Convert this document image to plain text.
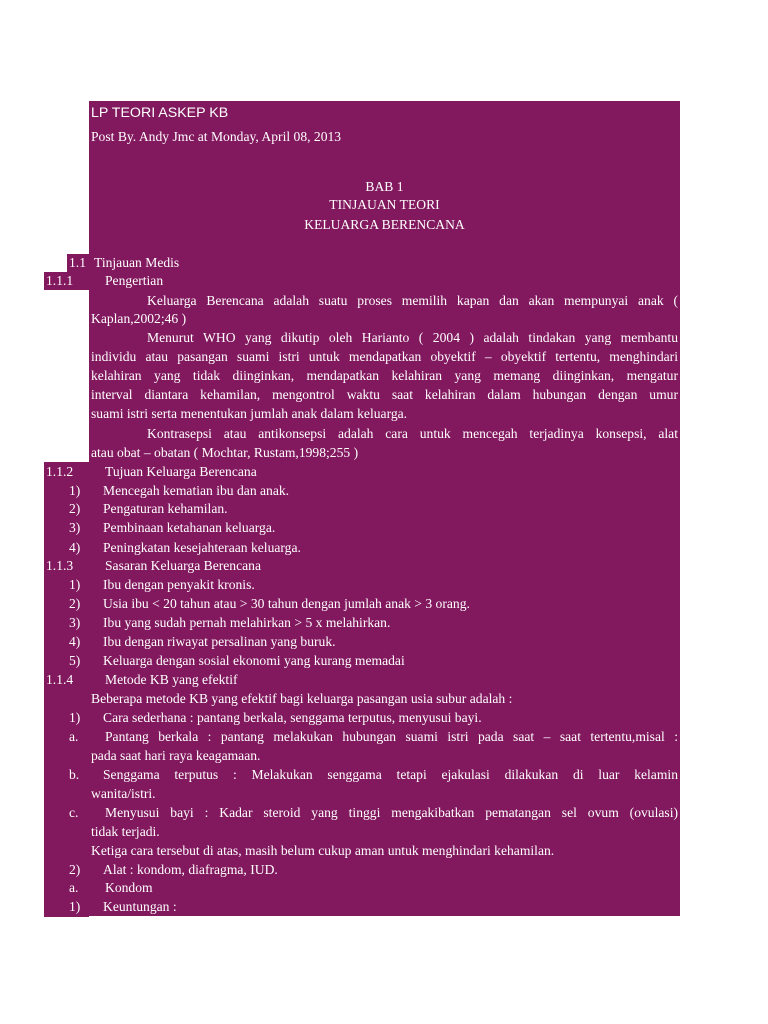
LP TEORI ASKEP KB
Post By. Andy Jmc at Monday, April 08, 2013
BAB 1
TINJAUAN TEORI
KELUARGA BERENCANA
1.1 Tinjauan Medis
1.1.1 Pengertian
Keluarga Berencana adalah suatu proses memilih kapan dan akan mempunyai anak (
Kaplan,2002;46 )
Menurut WHO yang dikutip oleh Harianto ( 2004 ) adalah tindakan yang membantu
individu atau pasangan suami istri untuk mendapatkan obyektif – obyektif tertentu, menghindari
kelahiran yang tidak diinginkan, mendapatkan kelahiran yang memang diinginkan, mengatur
interval diantara kehamilan, mengontrol waktu saat kelahiran dalam hubungan dengan umur
suami istri serta menentukan jumlah anak dalam keluarga.
Kontrasepsi atau antikonsepsi adalah cara untuk mencegah terjadinya konsepsi, alat
atau obat – obatan ( Mochtar, Rustam,1998;255 )
1.1.2 Tujuan Keluarga Berencana
1) Mencegah kematian ibu dan anak.
2) Pengaturan kehamilan.
3) Pembinaan ketahanan keluarga.
4) Peningkatan kesejahteraan keluarga.
1.1.3 Sasaran Keluarga Berencana
1) Ibu dengan penyakit kronis.
2) Usia ibu < 20 tahun atau > 30 tahun dengan jumlah anak > 3 orang.
3) Ibu yang sudah pernah melahirkan > 5 x melahirkan.
4) Ibu dengan riwayat persalinan yang buruk.
5) Keluarga dengan sosial ekonomi yang kurang memadai
1.1.4 Metode KB yang efektif
Beberapa metode KB yang efektif bagi keluarga pasangan usia subur adalah :
1) Cara sederhana : pantang berkala, senggama terputus, menyusui bayi.
a. Pantang berkala : pantang melakukan hubungan suami istri pada saat – saat tertentu,misal :
pada saat hari raya keagamaan.
b. Senggama terputus : Melakukan senggama tetapi ejakulasi dilakukan di luar kelamin
wanita/istri.
c. Menyusui bayi : Kadar steroid yang tinggi mengakibatkan pematangan sel ovum (ovulasi)
tidak terjadi.
Ketiga cara tersebut di atas, masih belum cukup aman untuk menghindari kehamilan.
2) Alat : kondom, diafragma, IUD.
a. Kondom
1) Keuntungan :
